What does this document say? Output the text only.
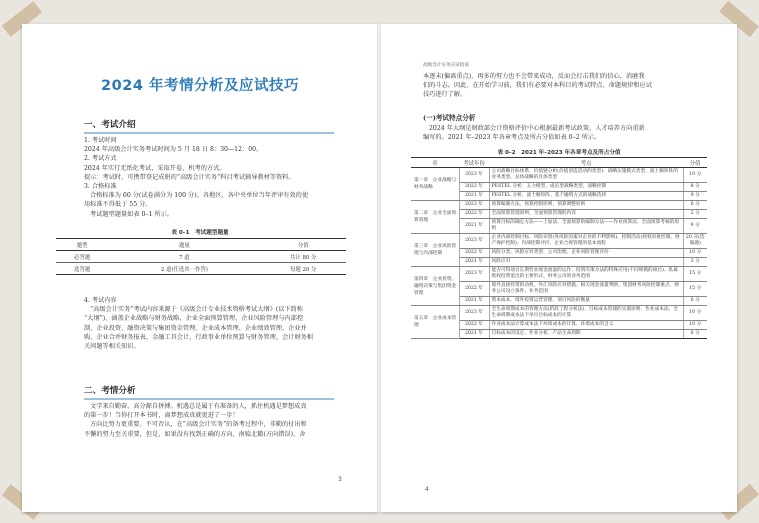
2024 年考情分析及应试技巧
一、考试介绍
1. 考试时间
2024 年高级会计实务考试时间为 5 月 18 日 8：30—12：00。
2. 考试方式
2024 年实行无纸化考试，采取开卷、机考的方式。
提示：考试时，可携带登记成册的“高级会计实务”科目考试辅导教材等资料。
3. 合格标准
合格标准为 60 分(试卷满分为 100 分)。各地区、各中央单位当年评审有效的使
用标准不得低于 55 分。
考试题型题量如表 0–1 所示。
表 0–1　考试题型题量
题型	题量	分值
必答题	7 道	共计 80 分
选答题	2 道(任选其一作答)	每题 20 分
4. 考试内容
“高级会计实务”考试内容来源于《高级会计专业技术资格考试大纲》(以下简称
“大纲”)，涵盖企业战略与财务战略、企业全面预算管理、企业风险管理与内部控
制、企业投资、融资决策与集团资金管理、企业成本管理、企业绩效管理、企业并
购、企业合并财务报表、金融工具会计、行政事业单位预算与财务管理、会计财务相
关问题等相关知识。
二、考情分析
文学来自勤奋，高分源自拼搏。机遇总是属于有准备的人，抓住机遇是梦想成真
的第一步！当你打开本书时，离梦想成真就更进了一步！
方向比努力更重要。不可否认，在“高级会计实务”的备考过程中，非勤的付出和
不懈的努力至关重要，但是，如果没有找到正确的方向，南辕北辙(方向错误)、舍
3
高级会计实务应试指南
本逐末(偏离重点)，再多的努力也不会带来成功，反而会打击我们的信心，消磨我
们的斗志。因此，在开始学习前，我们有必要对本科目的考试特点、命题规律和应试
技巧进行了解。
(一)考试特点分析
2024 年大纲是财政部会计资格评价中心根据最新考试政策、人才培养方向重新
编写的。2021 年–2023 年各章考点及所占分值如表 0–2 所示。
表 0–2　2021 年–2023 年各章考点及所占分值
章	考试年份	考点	分值
第一章　企业战略与财务战略	2023 年	公司战略目标体系、价值链分析(价值创造活动的类型)、战略实施模式类型、波士顿矩阵的业务类型、总体战略的具体类型	10 分
	2022 年	PESTEL 分析、五力模型、成长型战略类型、战略控制	8 分
	2021 年	PESTEL 分析、波士顿矩阵、基于融资方式的战略选择	9 分
第二章　企业全面预算管理	2023 年	预算编制方法、预算控制原则、预算调整原则	6 分
	2022 年	全面预算管理原则、全面预算管理的内容	2 分
	2021 年	预算目标的确定方法——上加法、全面预算的编制方法——作业预算法、全面预算考核的原则	9 分
第三章　企业风险管理与内部控制	2023 年	企业内部控制目标、风险识别(各风险因素对企业的不利影响)、控制活动(授权审批控制、财产保护控制)、内部控制评价、企业合规管理的基本流程	20 分(选做题)
	2022 年	风险分类、风险应对类型、公司治理、企业风险管理评价	10 分
	2021 年	风险应对	3 分
第四章　企业投资、融资决策与集团资金管理	2023 年	能否可得项目长期营业现金流量的运作、投资决策方法的特殊应用(不同规模的项目)、私募股权投资退出的主要形式、财务公司的业务范围	15 分
	2022 年	境外直接投资的动机、外汇风险应对措施、相关现金流量判断、集团财务风险控制重点、财务公司设立条件、业务范围	15 分
	2021 年	资本成本、境外投资运营管理、项目风险的衡量	6 分
第五章　企业成本管理	2023 年	全生命周期成本的管理方法(阶段工程分析法)、目标成本管理的实施原则、作业成本法、全生命周期成本法下单位目标成本的计算	10 分
	2022 年	作业成本法计算成本法下环境成本的计算、环境成本的含义	10 分
	2021 年	目标成本的设定、作业分析、产品生命周期	8 分
4
